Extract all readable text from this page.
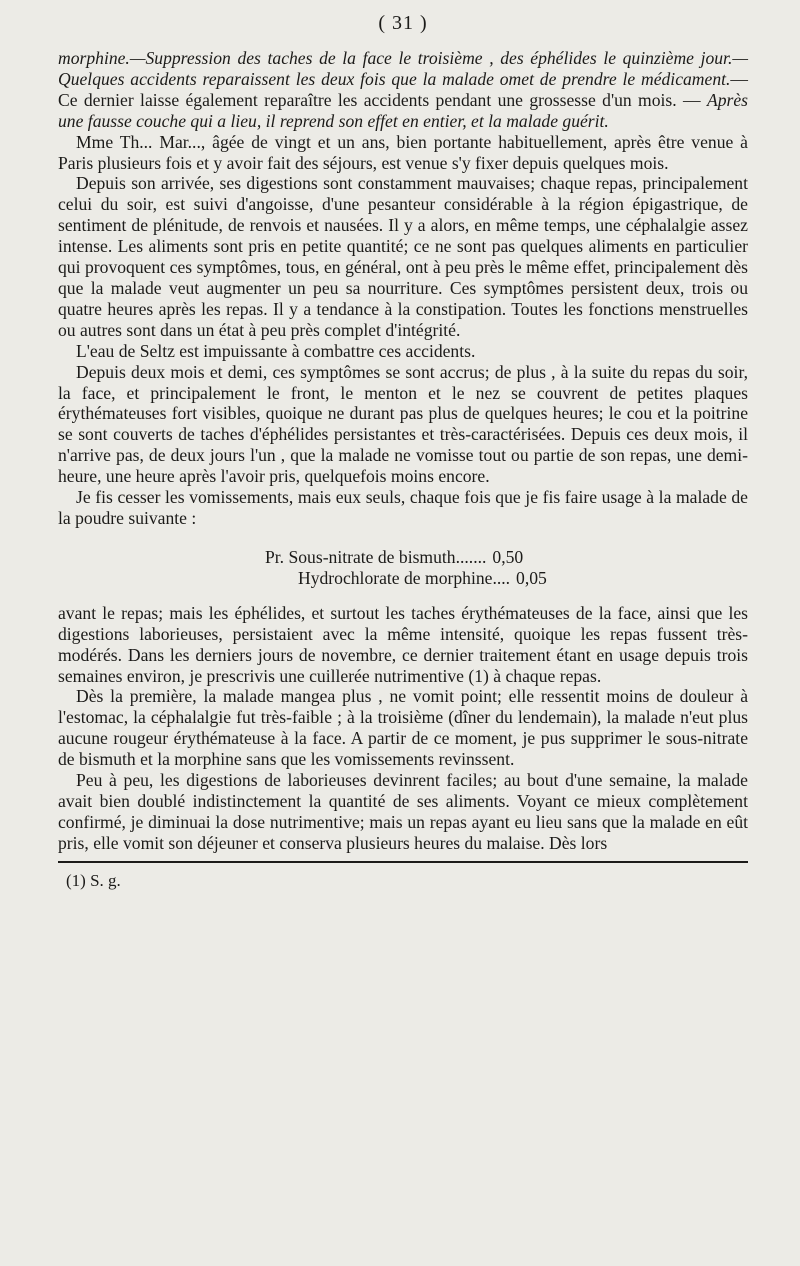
( 31 )

morphine.—Suppression des taches de la face le troisième , des éphélides le quinzième jour.—Quelques accidents reparaissent les deux fois que la malade omet de prendre le médicament.—Ce dernier laisse également reparaître les accidents pendant une grossesse d'un mois. — Après une fausse couche qui a lieu, il reprend son effet en entier, et la malade guérit.

Mme Th... Mar..., âgée de vingt et un ans, bien portante habituellement, après être venue à Paris plusieurs fois et y avoir fait des séjours, est venue s'y fixer depuis quelques mois.

Depuis son arrivée, ses digestions sont constamment mauvaises; chaque repas, principalement celui du soir, est suivi d'angoisse, d'une pesanteur considérable à la région épigastrique, de sentiment de plénitude, de renvois et nausées. Il y a alors, en même temps, une céphalalgie assez intense. Les aliments sont pris en petite quantité; ce ne sont pas quelques aliments en particulier qui provoquent ces symptômes, tous, en général, ont à peu près le même effet, principalement dès que la malade veut augmenter un peu sa nourriture. Ces symptômes persistent deux, trois ou quatre heures après les repas. Il y a tendance à la constipation. Toutes les fonctions menstruelles ou autres sont dans un état à peu près complet d'intégrité.

L'eau de Seltz est impuissante à combattre ces accidents.

Depuis deux mois et demi, ces symptômes se sont accrus; de plus , à la suite du repas du soir, la face, et principalement le front, le menton et le nez se couvrent de petites plaques érythémateuses fort visibles, quoique ne durant pas plus de quelques heures; le cou et la poitrine se sont couverts de taches d'éphélides persistantes et très-caractérisées. Depuis ces deux mois, il n'arrive pas, de deux jours l'un , que la malade ne vomisse tout ou partie de son repas, une demi-heure, une heure après l'avoir pris, quelquefois moins encore.

Je fis cesser les vomissements, mais eux seuls, chaque fois que je fis faire usage à la malade de la poudre suivante :

Pr. Sous-nitrate de bismuth ....... 0,50
Hydrochlorate de morphine .... 0,05

avant le repas; mais les éphélides, et surtout les taches érythémateuses de la face, ainsi que les digestions laborieuses, persistaient avec la même intensité, quoique les repas fussent très-modérés. Dans les derniers jours de novembre, ce dernier traitement étant en usage depuis trois semaines environ, je prescrivis une cuillerée nutrimentive (1) à chaque repas.

Dès la première, la malade mangea plus , ne vomit point; elle ressentit moins de douleur à l'estomac, la céphalalgie fut très-faible ; à la troisième (dîner du lendemain), la malade n'eut plus aucune rougeur érythémateuse à la face. A partir de ce moment, je pus supprimer le sous-nitrate de bismuth et la morphine sans que les vomissements revinssent.

Peu à peu, les digestions de laborieuses devinrent faciles; au bout d'une semaine, la malade avait bien doublé indistinctement la quantité de ses aliments. Voyant ce mieux complètement confirmé, je diminuai la dose nutrimentive; mais un repas ayant eu lieu sans que la malade en eût pris, elle vomit son déjeuner et conserva plusieurs heures du malaise. Dès lors

(1) S. g.
